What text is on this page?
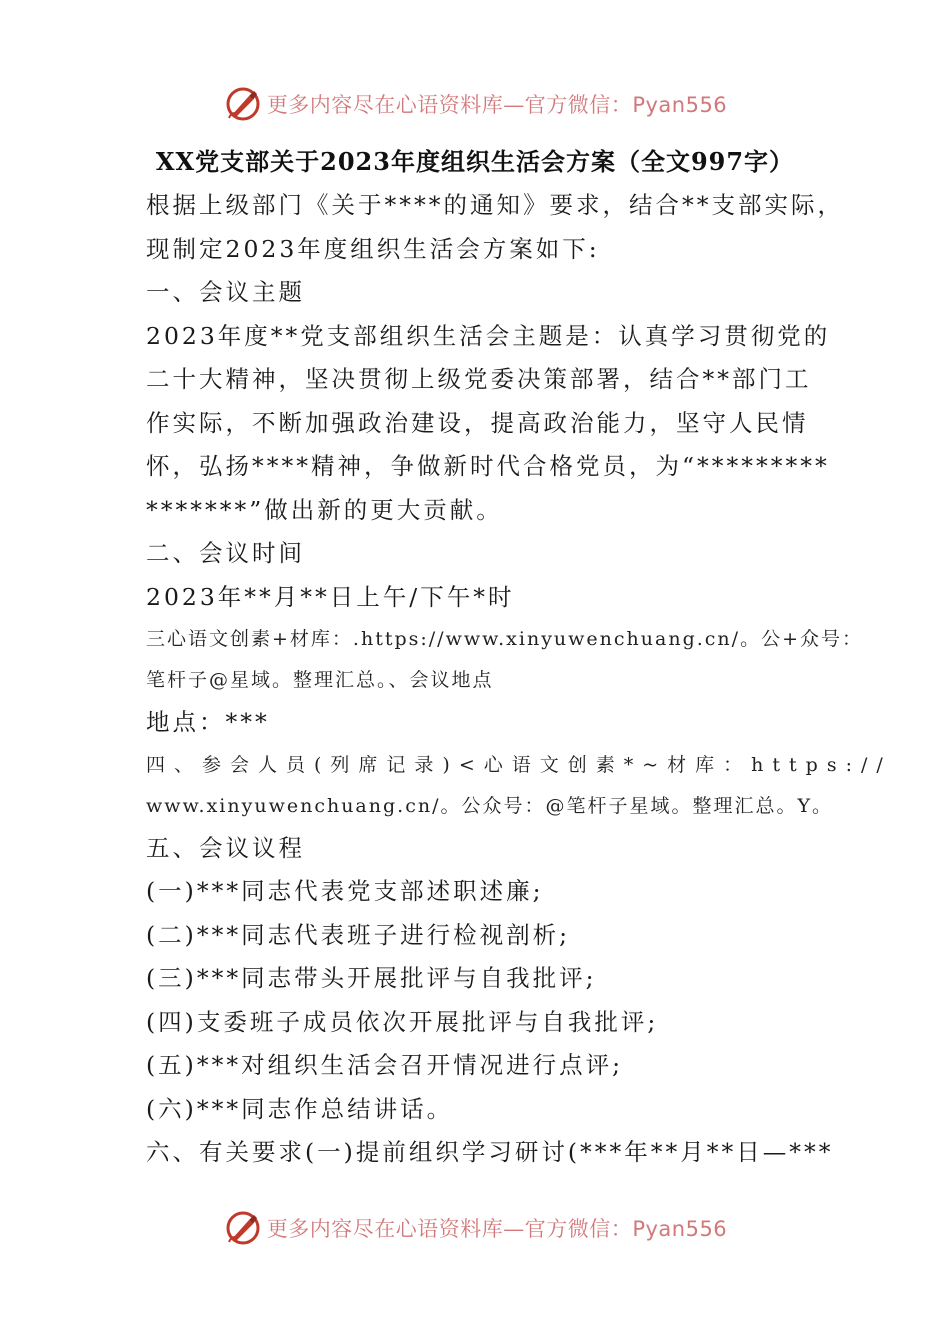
更多内容尽在心语资料库—官方微信：Pyan556
XX党支部关于2023年度组织生活会方案（全文997字）
根据上级部门《关于****的通知》要求，结合**支部实际，
现制定2023年度组织生活会方案如下:
一、会议主题
2023年度**党支部组织生活会主题是：认真学习贯彻党的
二十大精神，坚决贯彻上级党委决策部署，结合**部门工
作实际，不断加强政治建设，提高政治能力，坚守人民情
怀，弘扬****精神，争做新时代合格党员，为“*********
*******”做出新的更大贡献。
二、会议时间
2023年**月**日上午/下午*时
三心语文创素+材库：.https://www.xinyuwenchuang.cn/。公+众号：
笔杆子@星域。整理汇总。、会议地点
地点：***
四、参会人员(列席记录)<心语文创素*~材库：https://
www.xinyuwenchuang.cn/。公众号：@笔杆子星域。整理汇总。Y。
五、会议议程
(一)***同志代表党支部述职述廉;
(二)***同志代表班子进行检视剖析;
(三)***同志带头开展批评与自我批评;
(四)支委班子成员依次开展批评与自我批评;
(五)***对组织生活会召开情况进行点评;
(六)***同志作总结讲话。
六、有关要求(一)提前组织学习研讨(***年**月**日—***
更多内容尽在心语资料库—官方微信：Pyan556
